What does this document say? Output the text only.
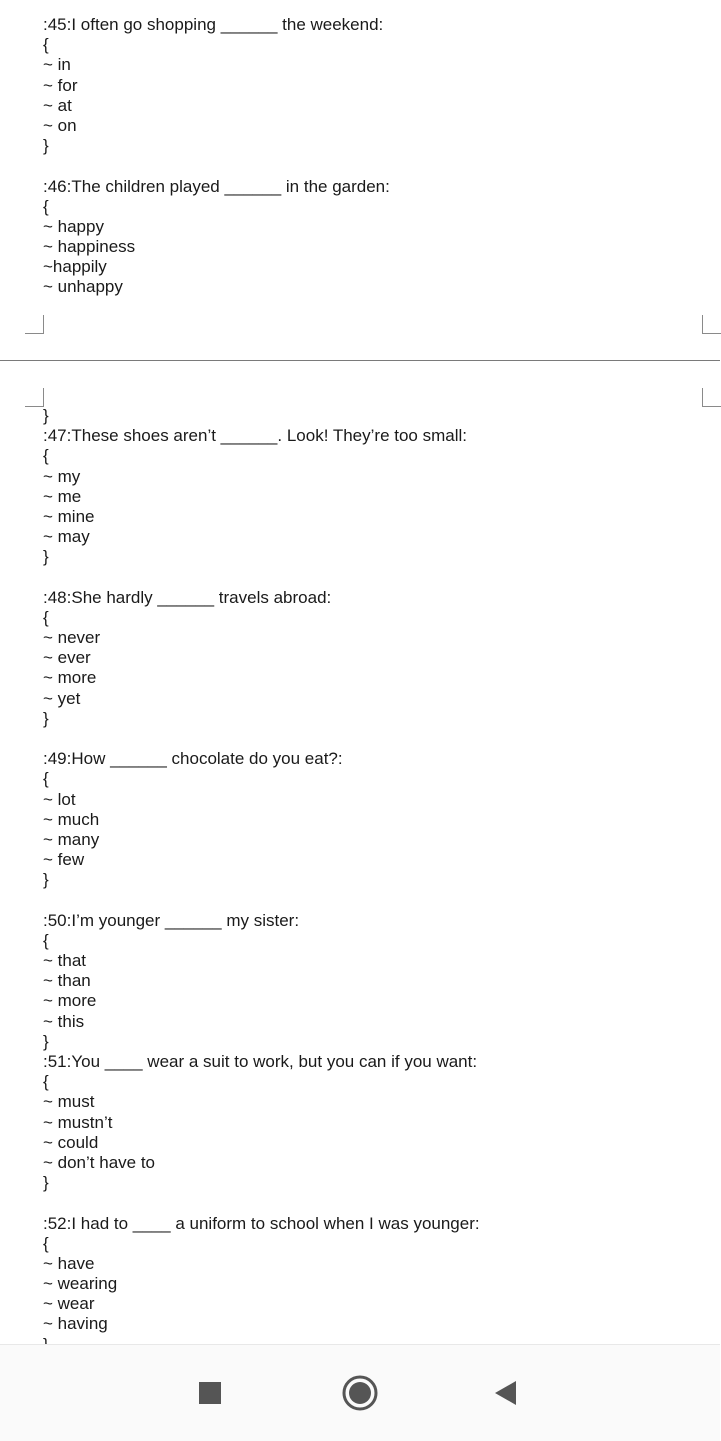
:45:I often go shopping ______ the weekend:
{
~ in
~ for
~ at
~ on
}
:46:The children played ______ in the garden:
{
~ happy
~ happiness
~happily
~ unhappy
}
:47:These shoes aren’t ______. Look! They’re too small:
{
~ my
~ me
~ mine
~ may
}
:48:She hardly ______ travels abroad:
{
~ never
~ ever
~ more
~ yet
}
:49:How ______ chocolate do you eat?:
{
~ lot
~ much
~ many
~ few
}
:50:I’m younger ______ my sister:
{
~ that
~ than
~ more
~ this
}
:51:You ____ wear a suit to work, but you can if you want:
{
~ must
~ mustn’t
~ could
~ don’t have to
}
:52:I had to ____ a uniform to school when I was younger:
{
~ have
~ wearing
~ wear
~ having
